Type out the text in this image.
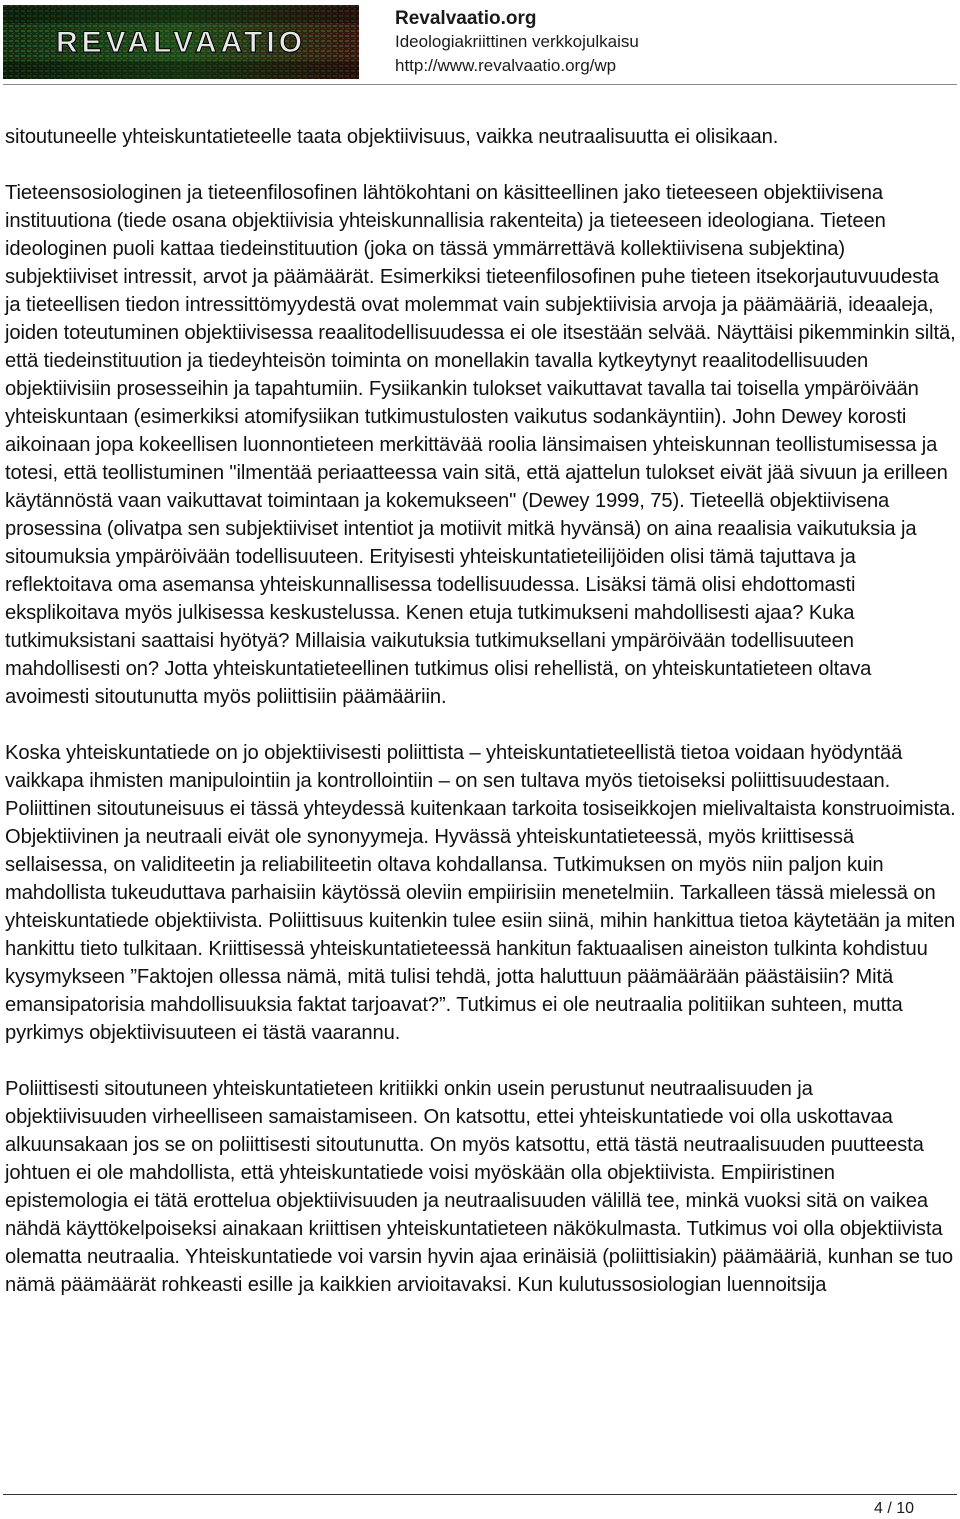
REVALVAATIO
Revalvaatio.org
Ideologiakriittinen verkkojulkaisu
http://www.revalvaatio.org/wp

sitoutuneelle yhteiskuntatieteelle taata objektiivisuus, vaikka neutraalisuutta ei olisikaan.

Tieteensosiologinen ja tieteenfilosofinen lähtökohtani on käsitteellinen jako tieteeseen objektiivisena instituutiona (tiede osana objektiivisia yhteiskunnallisia rakenteita) ja tieteeseen ideologiana. Tieteen ideologinen puoli kattaa tiedeinstituution (joka on tässä ymmärrettävä kollektiivisena subjektina) subjektiiviset intressit, arvot ja päämäärät. Esimerkiksi tieteenfilosofinen puhe tieteen itsekorjautuvuudesta ja tieteellisen tiedon intressittömyydestä ovat molemmat vain subjektiivisia arvoja ja päämääriä, ideaaleja, joiden toteutuminen objektiivisessa reaalitodellisuudessa ei ole itsestään selvää. Näyttäisi pikemminkin siltä, että tiedeinstituution ja tiedeyhteisön toiminta on monellakin tavalla kytkeytynyt reaalitodellisuuden objektiivisiin prosesseihin ja tapahtumiin. Fysiikankin tulokset vaikuttavat tavalla tai toisella ympäröivään yhteiskuntaan (esimerkiksi atomifysiikan tutkimustulosten vaikutus sodankäyntiin). John Dewey korosti aikoinaan jopa kokeellisen luonnontieteen merkittävää roolia länsimaisen yhteiskunnan teollistumisessa ja totesi, että teollistuminen "ilmentää periaatteessa vain sitä, että ajattelun tulokset eivät jää sivuun ja erilleen käytännöstä vaan vaikuttavat toimintaan ja kokemukseen" (Dewey 1999, 75). Tieteellä objektiivisena prosessina (olivatpa sen subjektiiviset intentiot ja motiivit mitkä hyvänsä) on aina reaalisia vaikutuksia ja sitoumuksia ympäröivään todellisuuteen. Erityisesti yhteiskuntatieteilijöiden olisi tämä tajuttava ja reflektoitava oma asemansa yhteiskunnallisessa todellisuudessa. Lisäksi tämä olisi ehdottomasti eksplikoitava myös julkisessa keskustelussa. Kenen etuja tutkimukseni mahdollisesti ajaa? Kuka tutkimuksistani saattaisi hyötyä? Millaisia vaikutuksia tutkimuksellani ympäröivään todellisuuteen mahdollisesti on? Jotta yhteiskuntatieteellinen tutkimus olisi rehellistä, on yhteiskuntatieteen oltava avoimesti sitoutunutta myös poliittisiin päämääriin.

Koska yhteiskuntatiede on jo objektiivisesti poliittista – yhteiskuntatieteellistä tietoa voidaan hyödyntää vaikkapa ihmisten manipulointiin ja kontrollointiin – on sen tultava myös tietoiseksi poliittisuudestaan. Poliittinen sitoutuneisuus ei tässä yhteydessä kuitenkaan tarkoita tosiseikkojen mielivaltaista konstruoimista. Objektiivinen ja neutraali eivät ole synonyymeja. Hyvässä yhteiskuntatieteessä, myös kriittisessä sellaisessa, on validiteetin ja reliabiliteetin oltava kohdallansa. Tutkimuksen on myös niin paljon kuin mahdollista tukeuduttava parhaisiin käytössä oleviin empiirisiin menetelmiin. Tarkalleen tässä mielessä on yhteiskuntatiede objektiivista. Poliittisuus kuitenkin tulee esiin siinä, mihin hankittua tietoa käytetään ja miten hankittu tieto tulkitaan. Kriittisessä yhteiskuntatieteessä hankitun faktuaalisen aineiston tulkinta kohdistuu kysymykseen ”Faktojen ollessa nämä, mitä tulisi tehdä, jotta haluttuun päämäärään päästäisiin? Mitä emansipatorisia mahdollisuuksia faktat tarjoavat?”. Tutkimus ei ole neutraalia politiikan suhteen, mutta pyrkimys objektiivisuuteen ei tästä vaarannu.

Poliittisesti sitoutuneen yhteiskuntatieteen kritiikki onkin usein perustunut neutraalisuuden ja objektiivisuuden virheelliseen samaistamiseen. On katsottu, ettei yhteiskuntatiede voi olla uskottavaa alkuunsakaan jos se on poliittisesti sitoutunutta. On myös katsottu, että tästä neutraalisuuden puutteesta johtuen ei ole mahdollista, että yhteiskuntatiede voisi myöskään olla objektiivista. Empiiristinen epistemologia ei tätä erottelua objektiivisuuden ja neutraalisuuden välillä tee, minkä vuoksi sitä on vaikea nähdä käyttökelpoiseksi ainakaan kriittisen yhteiskuntatieteen näkökulmasta. Tutkimus voi olla objektiivista olematta neutraalia. Yhteiskuntatiede voi varsin hyvin ajaa erinäisiä (poliittisiakin) päämääriä, kunhan se tuo nämä päämäärät rohkeasti esille ja kaikkien arvioitavaksi. Kun kulutussosiologian luennoitsija

4 / 10
